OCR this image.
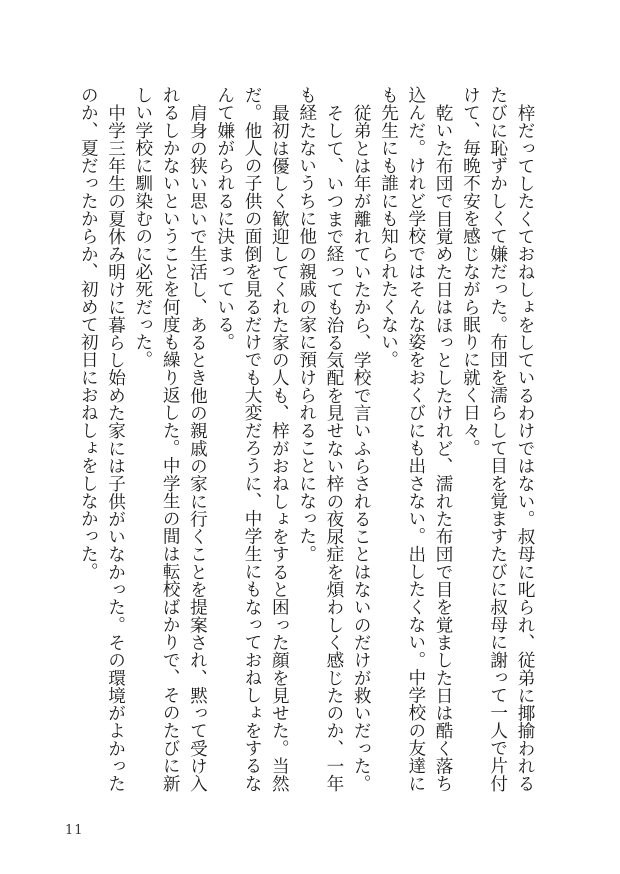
梓だってしたくておねしょをしているわけではない。叔母に叱られ、従弟に揶揄われるたびに恥ずかしくて嫌だった。布団を濡らして目を覚ますたびに叔母に謝って一人で片付けて、毎晩不安を感じながら眠りに就く日々。

乾いた布団で目覚めた日はほっとしたけれど、濡れた布団で目を覚ました日は酷く落ち込んだ。けれど学校ではそんな姿をおくびにも出さない。出したくない。中学校の友達にも先生にも誰にも知られたくない。

従弟とは年が離れていたから、学校で言いふらされることはないのだけが救いだった。

そして、いつまで経っても治る気配を見せない梓の夜尿症を煩わしく感じたのか、一年も経たないうちに他の親戚の家に預けられることになった。

最初は優しく歓迎してくれた家の人も、梓がおねしょをすると困った顔を見せた。当然だ。他人の子供の面倒を見るだけでも大変だろうに、中学生にもなっておねしょをするなんて嫌がられるに決まっている。

肩身の狭い思いで生活し、あるとき他の親戚の家に行くことを提案され、黙って受け入れるしかないということを何度も繰り返した。中学生の間は転校ばかりで、そのたびに新しい学校に馴染むのに必死だった。

中学三年生の夏休み明けに暮らし始めた家には子供がいなかった。その環境がよかったのか、夏だったからか、初めて初日におねしょをしなかった。

11
